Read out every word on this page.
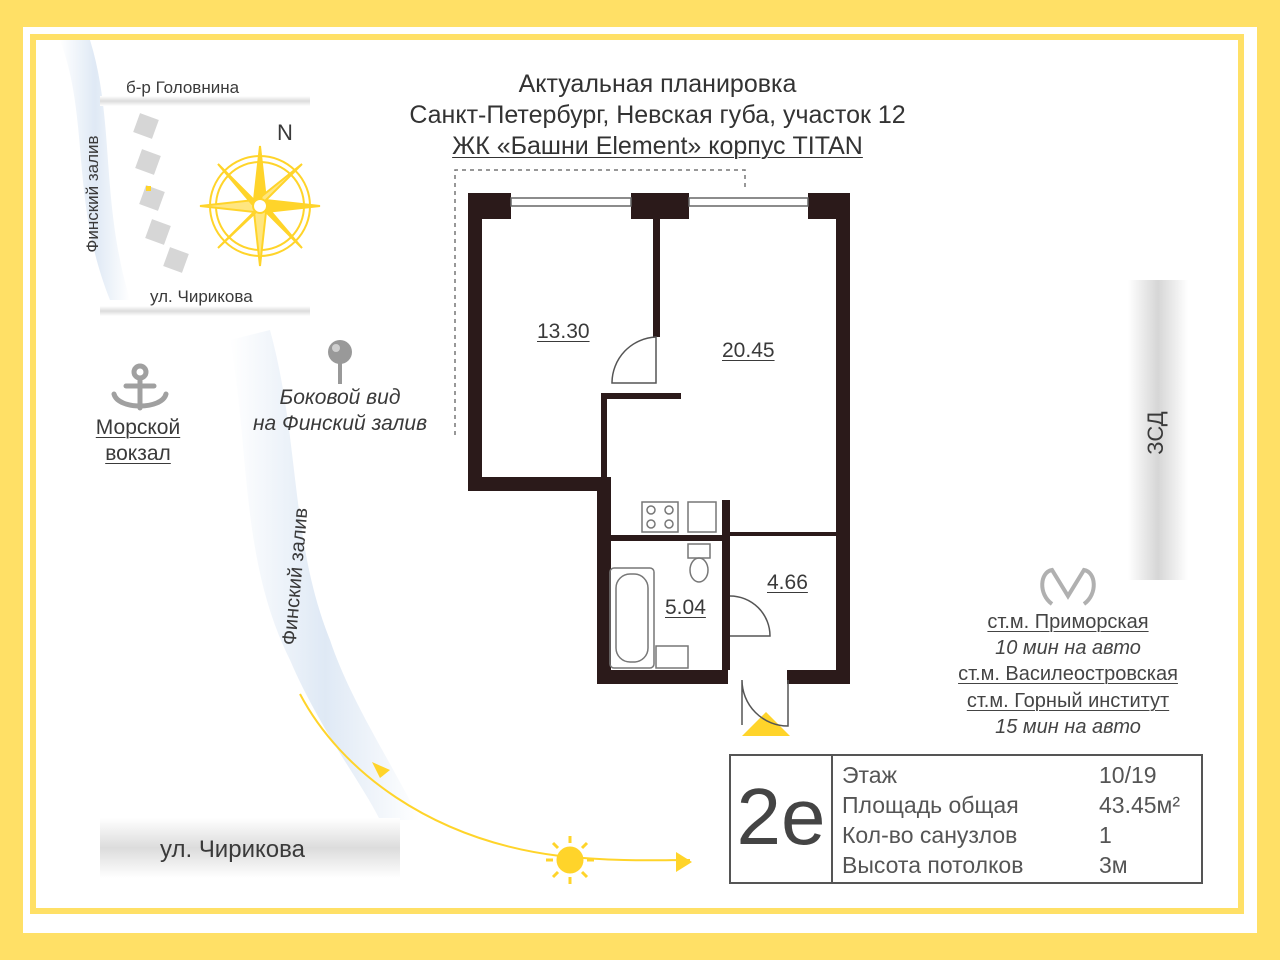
Актуальная планировка
Санкт-Петербург, Невская губа, участок 12
ЖК «Башни Element» корпус TITAN
б-р Головнина
ул. Чирикова
N
Финский залив
Финский залив
Боковой вид
на Финский залив
Морской
вокзал
ул. Чирикова
ЗСД
13.30
20.45
5.04
4.66
ст.м. Приморская
10 мин на авто
ст.м. Василеостровская
ст.м. Горный институт
15 мин на авто
2е Этаж	10/19
Площадь общая	43.45м²
Кол-во санузлов	1
Высота потолков	3м
